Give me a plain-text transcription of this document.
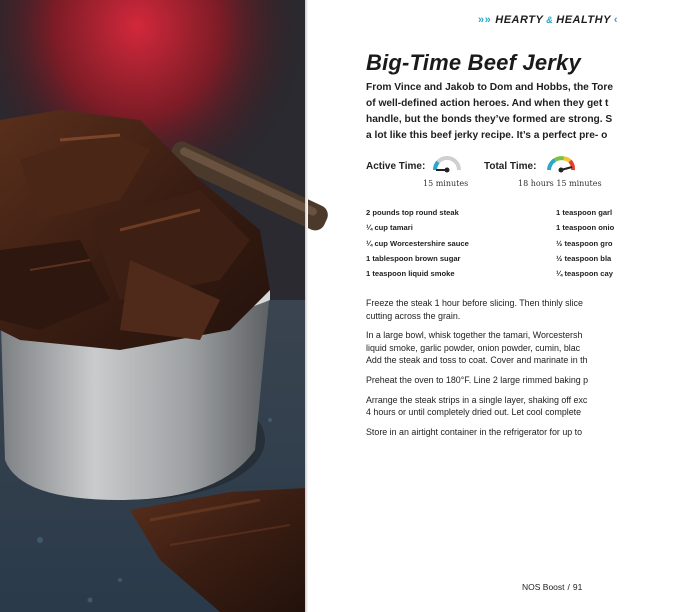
»» HEARTY & HEALTHY ‹
Big-Time Beef Jerky
From Vince and Jakob to Dom and Hobbs, the Tore
of well-defined action heroes. And when they get t
handle, but the bonds they’ve formed are strong. S
a lot like this beef jerky recipe. It’s a perfect pre- o
Active Time:
15 minutes
Total Time:
18 hours 15 minutes
2 pounds top round steak
¼ cup tamari
¼ cup Worcestershire sauce
1 tablespoon brown sugar
1 teaspoon liquid smoke
1 teaspoon garl
1 teaspoon onio
½ teaspoon gro
½ teaspoon bla
¼ teaspoon cay
Freeze the steak 1 hour before slicing. Then thinly slice
cutting across the grain.
In a large bowl, whisk together the tamari, Worcestersh
liquid smoke, garlic powder, onion powder, cumin, blac
Add the steak and toss to coat. Cover and marinate in th
Preheat the oven to 180°F. Line 2 large rimmed baking p
Arrange the steak strips in a single layer, shaking off exc
4 hours or until completely dried out. Let cool complete
Store in an airtight container in the refrigerator for up to
NOS Boost / 91
